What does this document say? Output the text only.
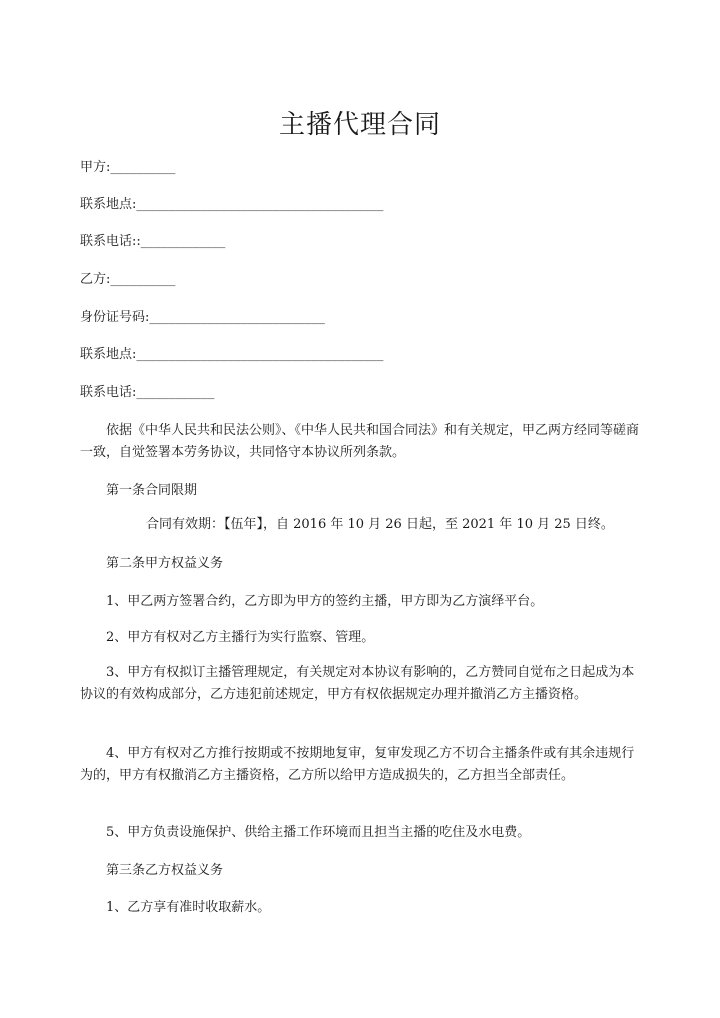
主播代理合同
甲方:__________
联系地点:______________________________________
联系电话::_____________
乙方:__________
身份证号码:___________________________
联系地点:______________________________________
联系电话:____________

依据《中华人民共和民法公则》、《中华人民共和国合同法》和有关规定，甲乙两方经同等磋商一致，自觉签署本劳务协议，共同恪守本协议所列条款。

第一条合同限期
合同有效期：【伍年】，自 2016 年 10 月 26 日起，至 2021 年 10 月 25 日终。
第二条甲方权益义务
1、甲乙两方签署合约，乙方即为甲方的签约主播，甲方即为乙方演绎平台。
2、甲方有权对乙方主播行为实行监察、管理。

3、甲方有权拟订主播管理规定，有关规定对本协议有影响的，乙方赞同自觉布之日起成为本协议的有效构成部分，乙方违犯前述规定，甲方有权依据规定办理并撤消乙方主播资格。

4、甲方有权对乙方推行按期或不按期地复审，复审发现乙方不切合主播条件或有其余违规行为的，甲方有权撤消乙方主播资格，乙方所以给甲方造成损失的，乙方担当全部责任。

5、甲方负责设施保护、供给主播工作环境而且担当主播的吃住及水电费。
第三条乙方权益义务
1、乙方享有准时收取薪水。
